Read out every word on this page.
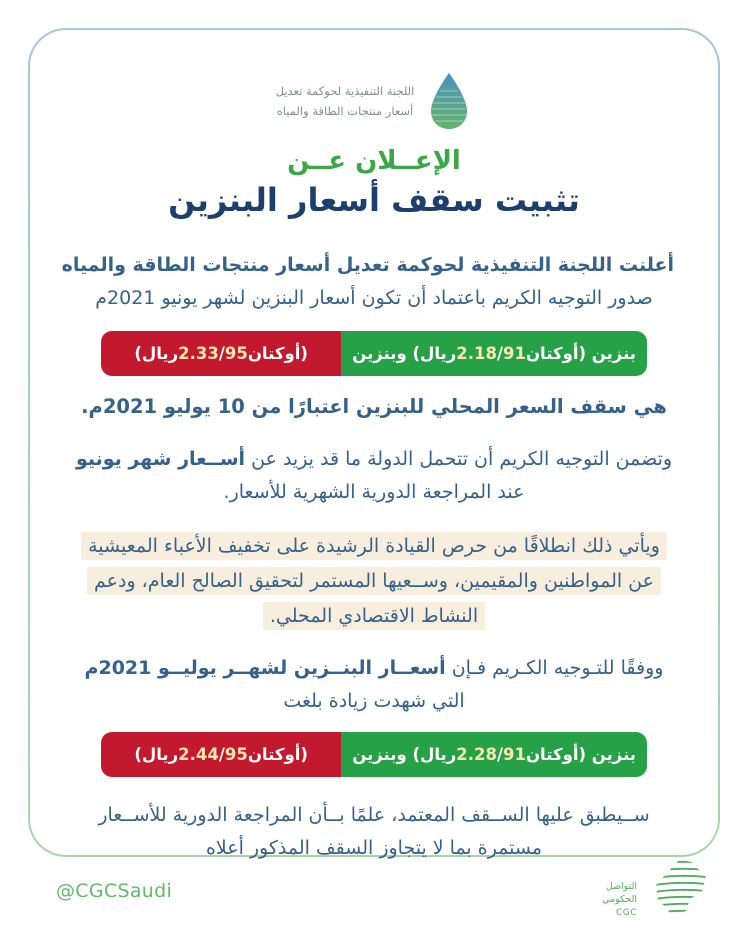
اللجنة التنفيذية لحوكمة تعديل
أسعار منتجات الطاقة والمياه
الإعــلان عــن
تثبيت سقف أسعار البنزين
أعلنت اللجنة التنفيذية لحوكمة تعديل أسعار منتجات الطاقة والمياه
صدور التوجيه الكريم باعتماد أن تكون أسعار البنزين لشهر يونيو 2021م
بنزين (أوكتان
91
/
2.18
ريال) وبنزين
(أوكتان
95
/
2.33
ريال)
هي سقف السعر المحلي للبنزين اعتبارًا من 10 يوليو 2021م.
وتضمن التوجيه الكريم أن تتحمل الدولة ما قد يزيد عن أســعار شهر يونيو
عند المراجعة الدورية الشهرية للأسعار.
ويأتي ذلك انطلاقًا من حرص القيادة الرشيدة على تخفيف الأعباء المعيشية
عن المواطنين والمقيمين، وســعيها المستمر لتحقيق الصالح العام، ودعم
النشاط الاقتصادي المحلي.
ووفقًا للتـوجيه الكـريم فـإن أسعــار البنــزين لشهــر يوليــو 2021م
التي شهدت زيادة بلغت
بنزين (أوكتان
91
/
2.28
ريال) وبنزين
(أوكتان
95
/
2.44
ريال)
ســيطبق عليها الســقف المعتمد، علمًا بــأن المراجعة الدورية للأســعار
مستمرة بما لا يتجاوز السقف المذكور أعلاه
@CGCSaudi	التواصل
الحكومي
CGC
